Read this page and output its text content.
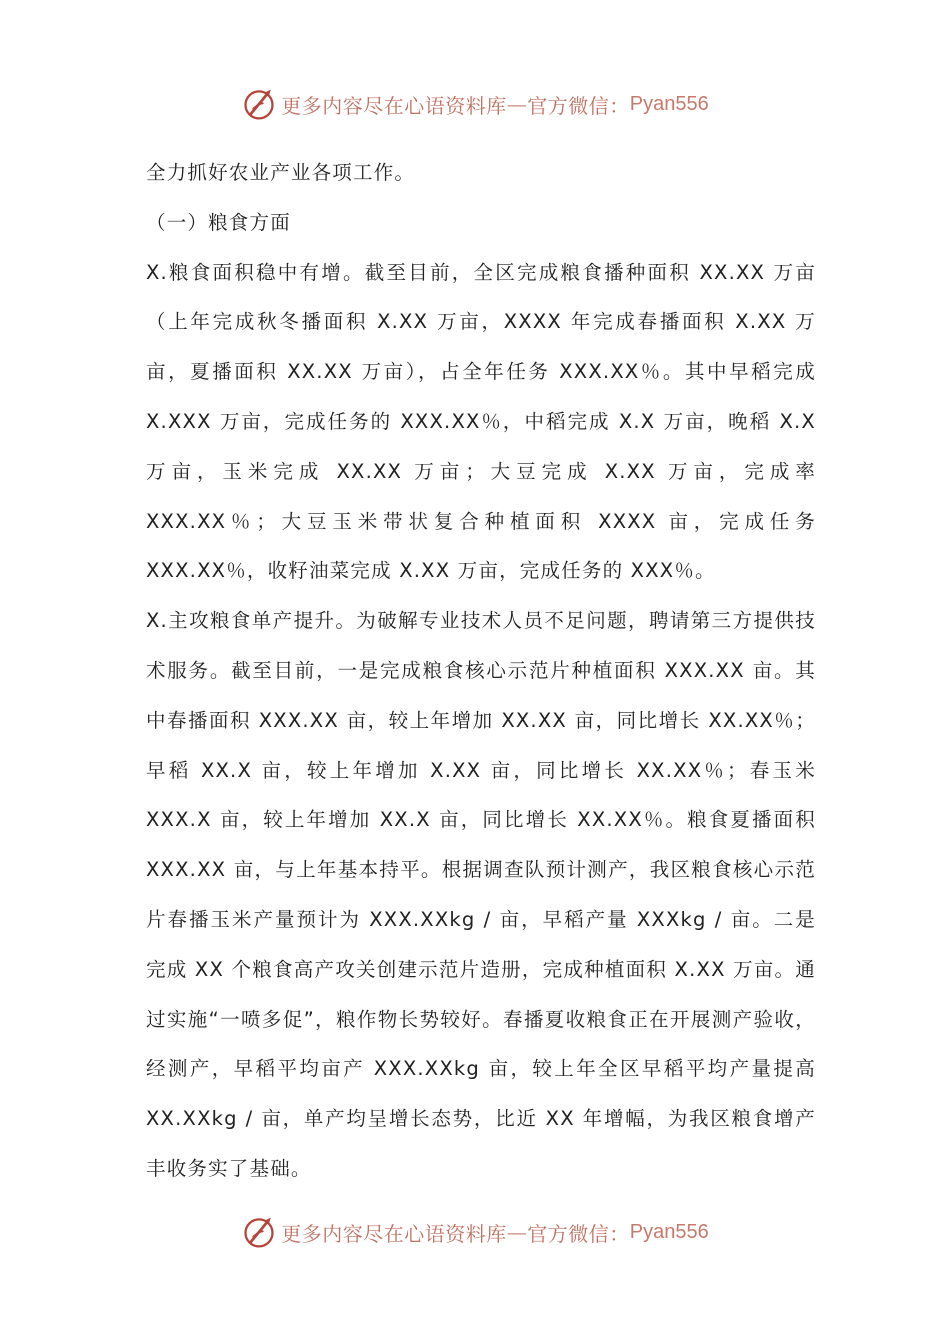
更多内容尽在心语资料库 — 官方微信： Pyan556

全力抓好农业产业各项工作。

（一）粮食方面

X.粮食面积稳中有增。截至目前，全区完成粮食播种面积 XX.XX 万亩（上年完成秋冬播面积 X.XX 万亩，XXXX 年完成春播面积 X.XX 万亩，夏播面积 XX.XX 万亩），占全年任务 XXX.XX％。其中早稻完成 X.XXX 万亩，完成任务的 XXX.XX％，中稻完成 X.X 万亩，晚稻 X.X 万亩，玉米完成 XX.XX 万亩；大豆完成 X.XX 万亩，完成率 XXX.XX％；大豆玉米带状复合种植面积 XXXX 亩，完成任务 XXX.XX％，收籽油菜完成 X.XX 万亩，完成任务的 XXX％。

X.主攻粮食单产提升。为破解专业技术人员不足问题，聘请第三方提供技术服务。截至目前，一是完成粮食核心示范片种植面积 XXX.XX 亩。其中春播面积 XXX.XX 亩，较上年增加 XX.XX 亩，同比增长 XX.XX％；早稻 XX.X 亩，较上年增加 X.XX 亩，同比增长 XX.XX％；春玉米 XXX.X 亩，较上年增加 XX.X 亩，同比增长 XX.XX％。粮食夏播面积 XXX.XX 亩，与上年基本持平。根据调查队预计测产，我区粮食核心示范片春播玉米产量预计为 XXX.XXkg / 亩，早稻产量 XXXkg / 亩。二是完成 XX 个粮食高产攻关创建示范片造册，完成种植面积 X.XX 万亩。通过实施“一喷多促”，粮作物长势较好。春播夏收粮食正在开展测产验收，经测产，早稻平均亩产 XXX.XXkg 亩，较上年全区早稻平均产量提高 XX.XXkg / 亩，单产均呈增长态势，比近 XX 年增幅，为我区粮食增产丰收务实了基础。

更多内容尽在心语资料库 — 官方微信： Pyan556
